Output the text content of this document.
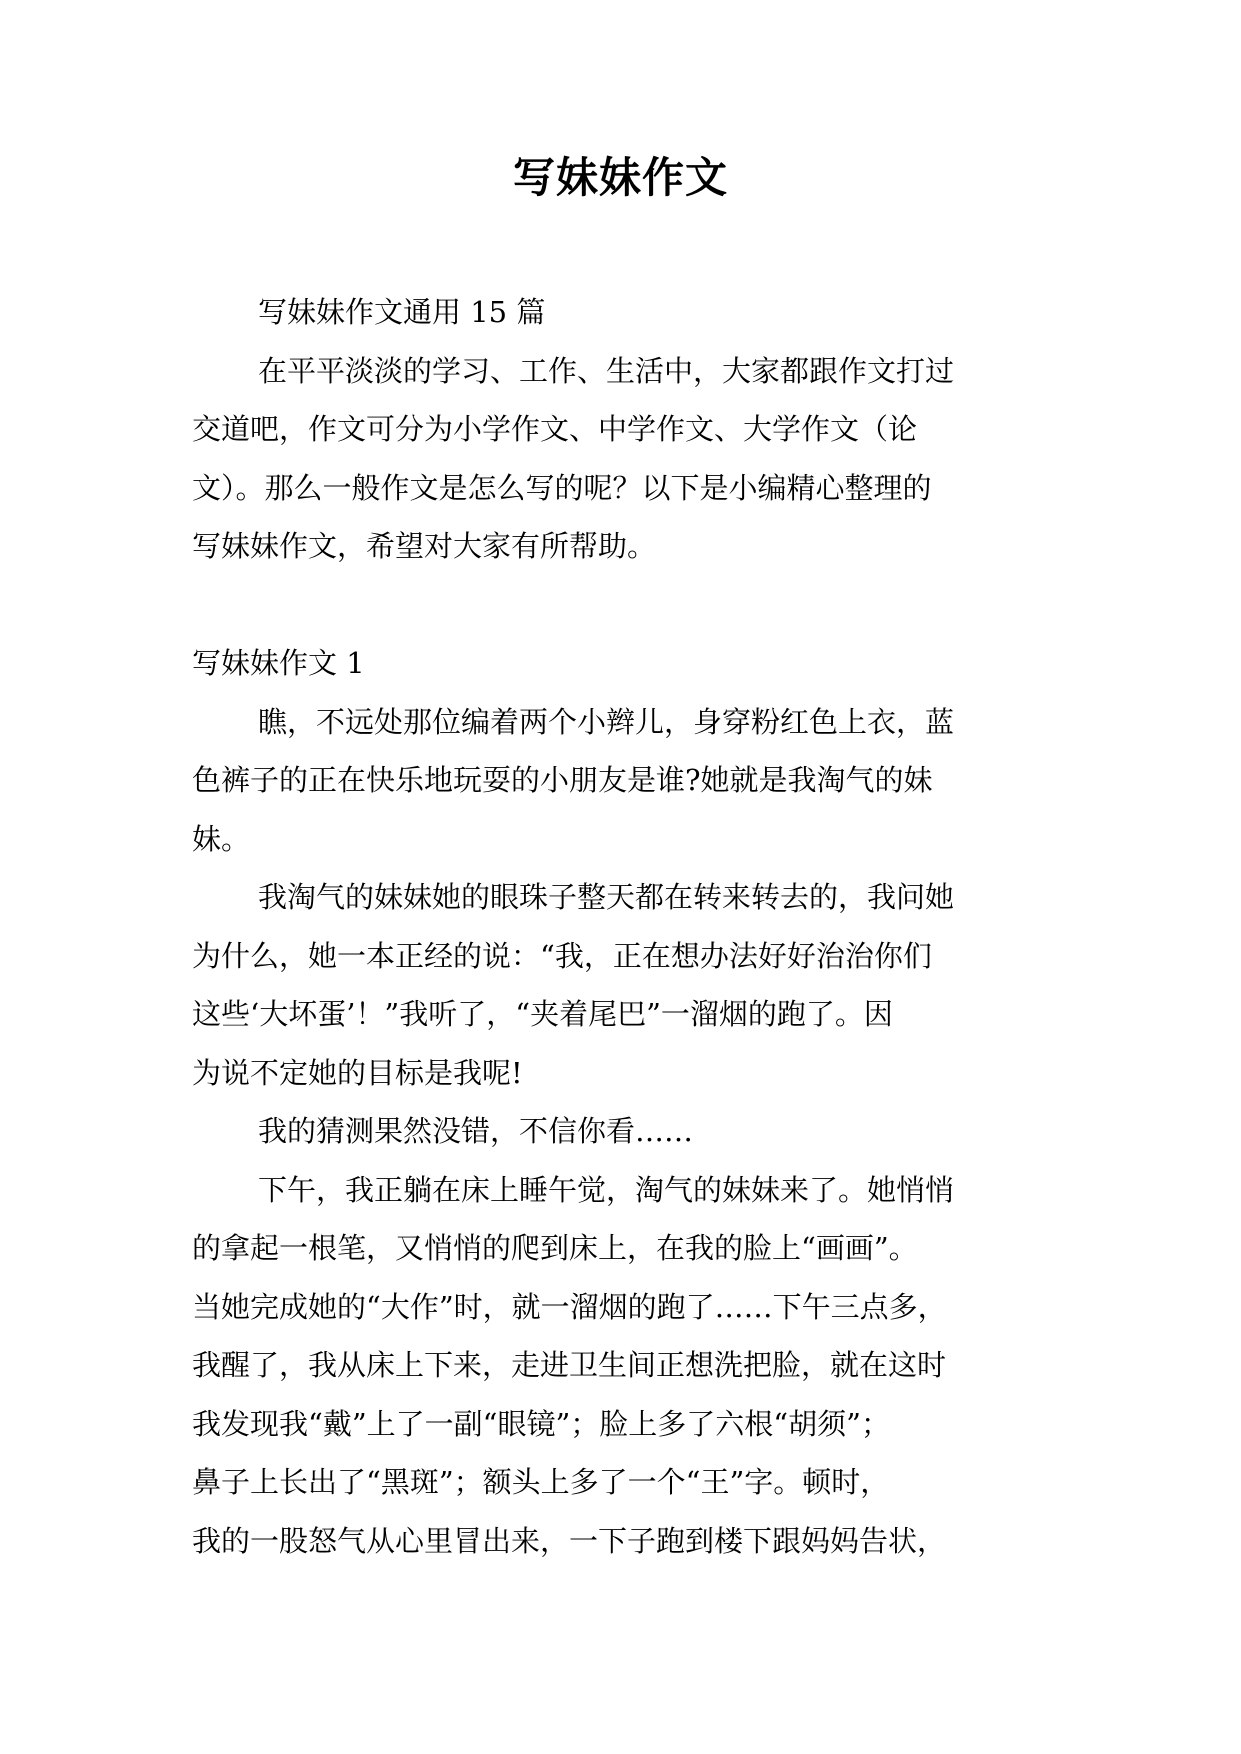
写妹妹作文

写妹妹作文通用 15 篇

在平平淡淡的学习、工作、生活中，大家都跟作文打过
交道吧，作文可分为小学作文、中学作文、大学作文（论
文）。那么一般作文是怎么写的呢？以下是小编精心整理的
写妹妹作文，希望对大家有所帮助。

写妹妹作文 1

瞧，不远处那位编着两个小辫儿，身穿粉红色上衣，蓝
色裤子的正在快乐地玩耍的小朋友是谁?她就是我淘气的妹
妹。

我淘气的妹妹她的眼珠子整天都在转来转去的，我问她
为什么，她一本正经的说：“我，正在想办法好好治治你们
这些‘大坏蛋’！”我听了，“夹着尾巴”一溜烟的跑了。因
为说不定她的目标是我呢!

我的猜测果然没错，不信你看……

下午，我正躺在床上睡午觉，淘气的妹妹来了。她悄悄
的拿起一根笔，又悄悄的爬到床上，在我的脸上“画画”。
当她完成她的“大作”时，就一溜烟的跑了……下午三点多，
我醒了，我从床上下来，走进卫生间正想洗把脸，就在这时
我发现我“戴”上了一副“眼镜”；脸上多了六根“胡须”；
鼻子上长出了“黑斑”；额头上多了一个“王”字。顿时，
我的一股怒气从心里冒出来，一下子跑到楼下跟妈妈告状，
